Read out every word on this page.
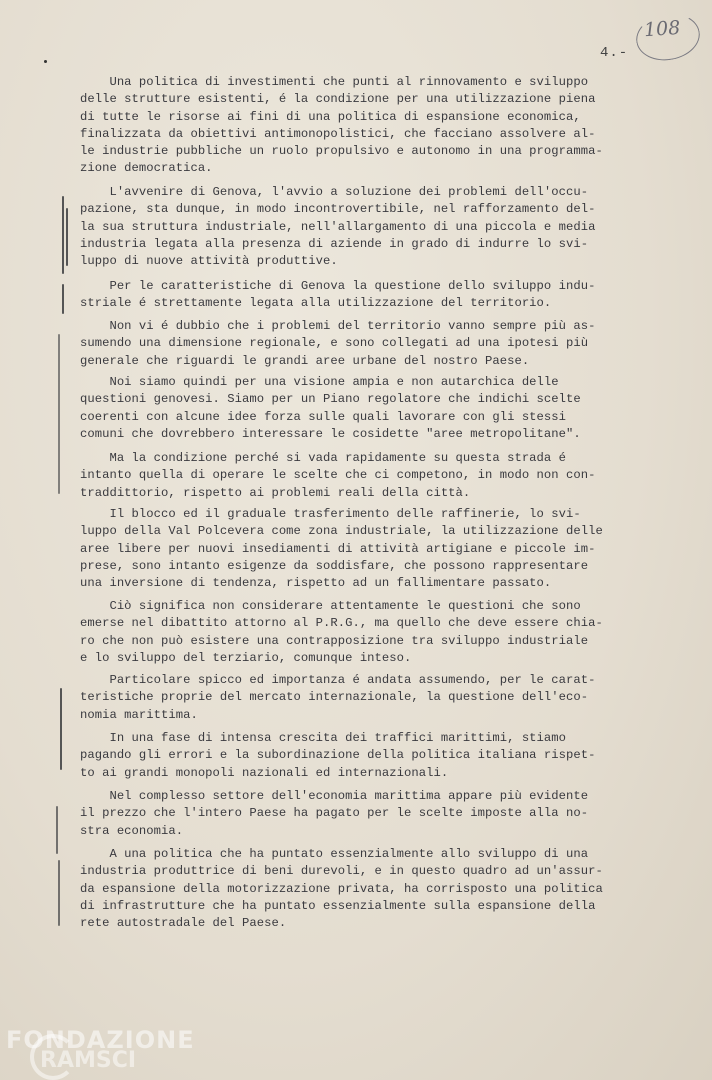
108
4.-

Una politica di investimenti che punti al rinnovamento e sviluppo
delle strutture esistenti, é la condizione per una utilizzazione piena
di tutte le risorse ai fini di una politica di espansione economica,
finalizzata da obiettivi antimonopolistici, che facciano assolvere al-
le industrie pubbliche un ruolo propulsivo e autonomo in una programma-
zione democratica.

L'avvenire di Genova, l'avvio a soluzione dei problemi dell'occu-
pazione, sta dunque, in modo incontrovertibile, nel rafforzamento del-
la sua struttura industriale, nell'allargamento di una piccola e media
industria legata alla presenza di aziende in grado di indurre lo svi-
luppo di nuove attività produttive.

Per le caratteristiche di Genova la questione dello sviluppo indu-
striale é strettamente legata alla utilizzazione del territorio.

Non vi é dubbio che i problemi del territorio vanno sempre più as-
sumendo una dimensione regionale, e sono collegati ad una ipotesi più
generale che riguardi le grandi aree urbane del nostro Paese.

Noi siamo quindi per una visione ampia e non autarchica delle
questioni genovesi. Siamo per un Piano regolatore che indichi scelte
coerenti con alcune idee forza sulle quali lavorare con gli stessi
comuni che dovrebbero interessare le cosidette "aree metropolitane".

Ma la condizione perché si vada rapidamente su questa strada é
intanto quella di operare le scelte che ci competono, in modo non con-
traddittorio, rispetto ai problemi reali della città.

Il blocco ed il graduale trasferimento delle raffinerie, lo svi-
luppo della Val Polcevera come zona industriale, la utilizzazione delle
aree libere per nuovi insediamenti di attività artigiane e piccole im-
prese, sono intanto esigenze da soddisfare, che possono rappresentare
una inversione di tendenza, rispetto ad un fallimentare passato.

Ciò significa non considerare attentamente le questioni che sono
emerse nel dibattito attorno al P.R.G., ma quello che deve essere chia-
ro che non può esistere una contrapposizione tra sviluppo industriale
e lo sviluppo del terziario, comunque inteso.

Particolare spicco ed importanza é andata assumendo, per le carat-
teristiche proprie del mercato internazionale, la questione dell'eco-
nomia marittima.

In una fase di intensa crescita dei traffici marittimi, stiamo
pagando gli errori e la subordinazione della politica italiana rispet-
to ai grandi monopoli nazionali ed internazionali.

Nel complesso settore dell'economia marittima appare più evidente
il prezzo che l'intero Paese ha pagato per le scelte imposte alla no-
stra economia.

A una politica che ha puntato essenzialmente allo sviluppo di una
industria produttrice di beni durevoli, e in questo quadro ad un'assur-
da espansione della motorizzazione privata, ha corrisposto una politica
di infrastrutture che ha puntato essenzialmente sulla espansione della
rete autostradale del Paese.

FONDAZIONE
RAMSCI
